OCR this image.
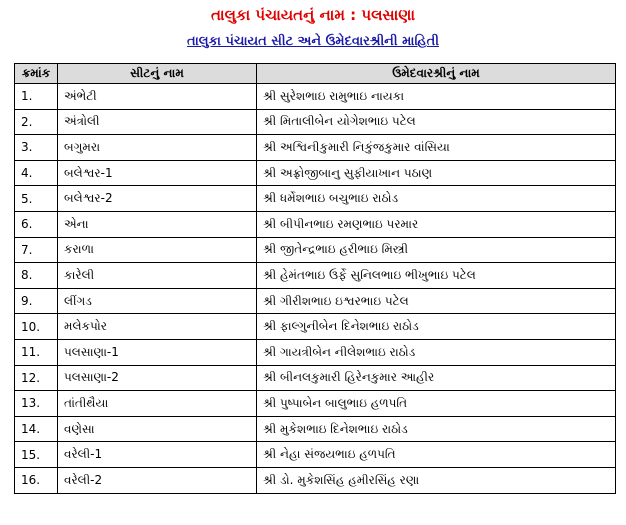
તાલુકા પંચાયતનું નામ : પલસાણા
તાલુકા પંચાયત સીટ અને ઉમેદવારશ્રીની માહિતી
ક્રમાંક	સીટનું નામ	ઉમેદવારશ્રીનું નામ
1.	અંભેટી	શ્રી સુરેશભાઇ રામુભાઇ નાયકા
2.	અંત્રોલી	શ્રી મિતાલીબેન યોગેશભાઇ પટેલ
3.	બગુમરા	શ્રી અશ્વિનીકુમારી નિકુંજકુમાર વાંસિયા
4.	બલેશ્વર-1	શ્રી અફ્રોજીબાનુ સુફીયાખાન પઠાણ
5.	બલેશ્વર-2	શ્રી ધર્મેશભાઇ બચુભાઇ રાઠોડ
6.	એના	શ્રી બીપીનભાઇ રમણભાઇ પરમાર
7.	કરાળા	શ્રી જીતેન્દ્રભાઇ હરીભાઇ મિસ્ત્રી
8.	કારેલી	શ્રી હેમંતભાઇ ઉર્ફે સુનિલભાઇ ભીખુભાઇ પટેલ
9.	લીંગડ	શ્રી ગીરીશભાઇ ઇશ્વરભાઇ પટેલ
10.	મલેકપોર	શ્રી ફાલ્ગુનીબેન દિનેશભાઇ રાઠોડ
11.	પલસાણા-1	શ્રી ગાયત્રીબેન નીલેશભાઇ રાઠોડ
12.	પલસાણા-2	શ્રી બીનલકુમારી હિરેનકુમાર આહીર
13.	તાંતીથૈયા	શ્રી પુષ્પાબેન બાલુભાઇ હળપતિ
14.	વણેસા	શ્રી મુકેશભાઇ દિનેશભાઇ રાઠોડ
15.	વરેલી-1	શ્રી નેહા સંજયભાઇ હળપતિ
16.	વરેલી-2	શ્રી ડો. મુકેશસિંહ હમીરસિંહ રણા
